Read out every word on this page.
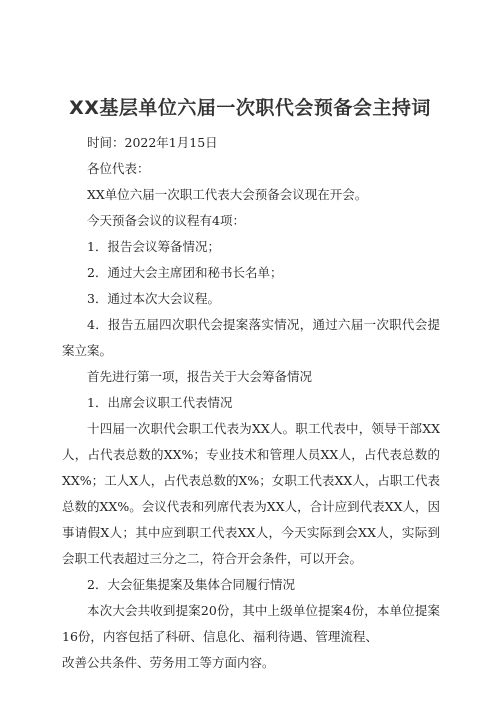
XX基层单位六届一次职代会预备会主持词

时间：2022年1月15日

各位代表：

XX单位六届一次职工代表大会预备会议现在开会。

今天预备会议的议程有4项：

1．报告会议筹备情况；

2．通过大会主席团和秘书长名单；

3．通过本次大会议程。

4．报告五届四次职代会提案落实情况，通过六届一次职代会提案立案。

首先进行第一项，报告关于大会筹备情况

1．出席会议职工代表情况

十四届一次职代会职工代表为XX人。职工代表中，领导干部XX人，占代表总数的XX%；专业技术和管理人员XX人，占代表总数的XX%；工人X人，占代表总数的X%；女职工代表XX人，占职工代表总数的XX%。会议代表和列席代表为XX人，合计应到代表XX人，因事请假X人；其中应到职工代表XX人，今天实际到会XX人，实际到会职工代表超过三分之二，符合开会条件，可以开会。

2．大会征集提案及集体合同履行情况

本次大会共收到提案20份，其中上级单位提案4份，本单位提案16份，内容包括了科研、信息化、福利待遇、管理流程、

改善公共条件、劳务用工等方面内容。
